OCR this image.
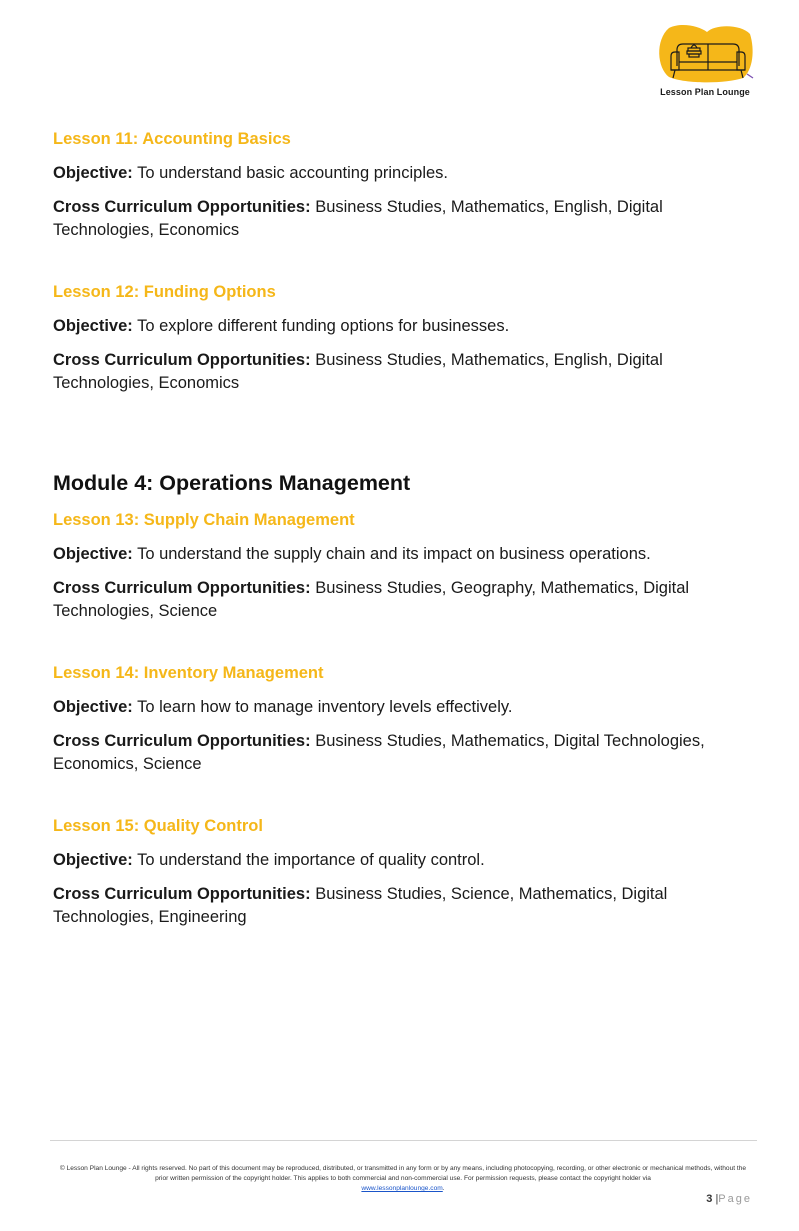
Lesson Plan Lounge
Lesson 11: Accounting Basics

Objective: To understand basic accounting principles.

Cross Curriculum Opportunities: Business Studies, Mathematics, English, Digital Technologies, Economics

Lesson 12: Funding Options

Objective: To explore different funding options for businesses.

Cross Curriculum Opportunities: Business Studies, Mathematics, English, Digital Technologies, Economics

Module 4: Operations Management
Lesson 13: Supply Chain Management

Objective: To understand the supply chain and its impact on business operations.

Cross Curriculum Opportunities: Business Studies, Geography, Mathematics, Digital Technologies, Science

Lesson 14: Inventory Management

Objective: To learn how to manage inventory levels effectively.

Cross Curriculum Opportunities: Business Studies, Mathematics, Digital Technologies, Economics, Science

Lesson 15: Quality Control

Objective: To understand the importance of quality control.

Cross Curriculum Opportunities: Business Studies, Science, Mathematics, Digital Technologies, Engineering

© Lesson Plan Lounge - All rights reserved. No part of this document may be reproduced, distributed, or transmitted in any form or by any means, including photocopying, recording, or other electronic or mechanical methods, without the prior written permission of the copyright holder. This applies to both commercial and non-commercial use. For permission requests, please contact the copyright holder via
www.lessonplanlounge.com.
3 |Page
